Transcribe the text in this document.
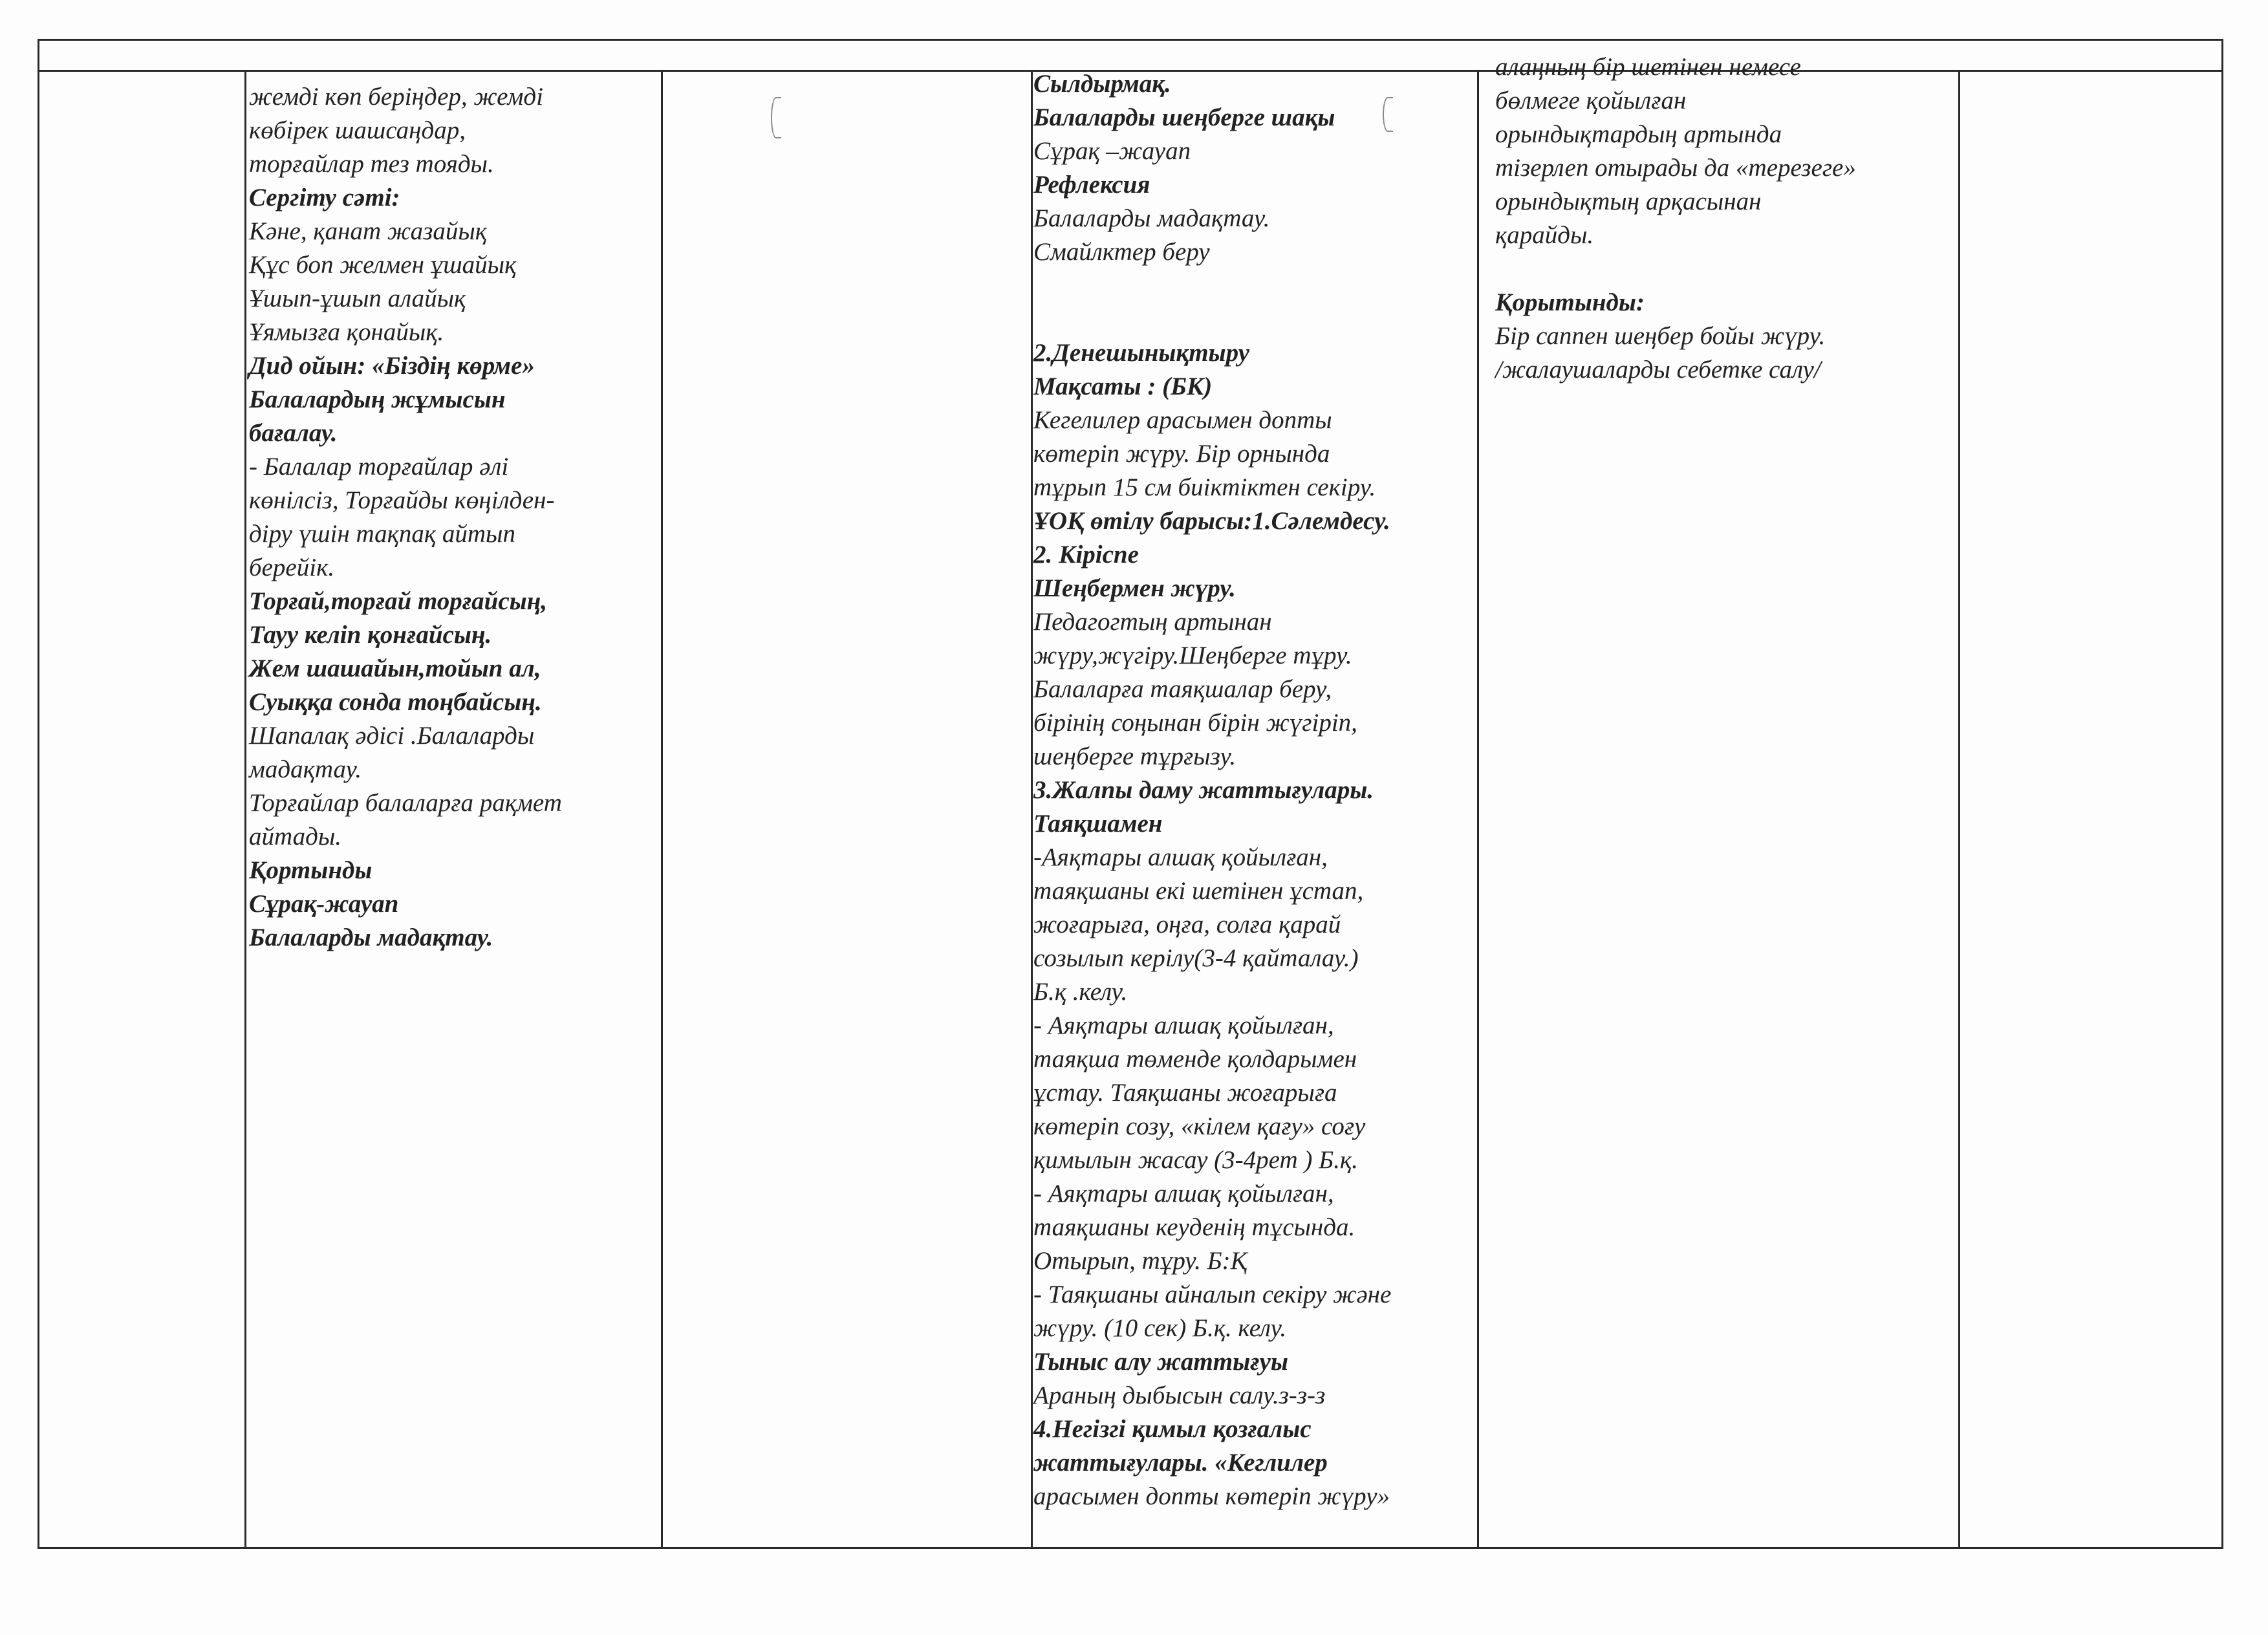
жемді көп беріңдер, жемді
көбірек шашсаңдар,
торғайлар тез тояды.
Сергіту сәті:
Кәне, қанат жазайық
Құс боп желмен ұшайық
Ұшып-ұшып алайық
Ұямызға қонайық.
Дид ойын: «Біздің көрме»
Балалардың жұмысын
бағалау.
- Балалар торғайлар әлі
көнілсіз, Торғайды көңілден-
діру үшін тақпақ айтып
берейік.
Торғай,торғай торғайсың,
Тауу келіп қонғайсың.
Жем шашайын,тойып ал,
Суыққа сонда тоңбайсың.
Шапалақ әдісі .Балаларды
мадақтау.
Торғайлар балаларға рақмет
айтады.
Қортынды
Сұрақ-жауап
Балаларды мадақтау.
Сылдырмақ.
Балаларды шеңберге шақы
Сұрақ –жауап
Рефлексия
Балаларды мадақтау.
Смайлктер беру

2.Денешынықтыру
Мақсаты : (БК)
Кегелилер арасымен допты
көтеріп жүру. Бір орнында
тұрып 15 см биіктіктен секіру.
ҰОҚ өтілу барысы:1.Сәлемдесу.
2. Кіріспе
Шеңбермен жүру.
Педагогтың артынан
жүру,жүгіру.Шеңберге тұру.
Балаларға таяқшалар беру,
бірінің соңынан бірін жүгіріп,
шеңберге тұрғызу.
3.Жалпы даму жаттығулары.
Таяқшамен
-Аяқтары алшақ қойылған,
таяқшаны екі шетінен ұстап,
жоғарыға, оңға, солға қарай
созылып керілу(3-4 қайталау.)
Б.қ .келу.
- Аяқтары алшақ қойылған,
таяқша төменде қолдарымен
ұстау. Таяқшаны жоғарыға
көтеріп созу, «кілем қағу» соғу
қимылын жасау (3-4рет ) Б.қ.
- Аяқтары алшақ қойылған,
таяқшаны кеуденің тұсында.
Отырып, тұру. Б:Қ
- Таяқшаны айналып секіру және
жүру. (10 сек) Б.қ. келу.
Тыныс алу жаттығуы
Араның дыбысын салу.з-з-з
4.Негізгі қимыл қозғалыс
жаттығулары. «Кеглилер
арасымен допты көтеріп жүру»
алаңның бір шетінен немесе
бөлмеге қойылған
орындықтардың артында
тізерлеп отырады да «терезеге»
орындықтың арқасынан
қарайды.

Қорытынды:
Бір саппен шеңбер бойы жүру.
/жалаушаларды себетке салу/
